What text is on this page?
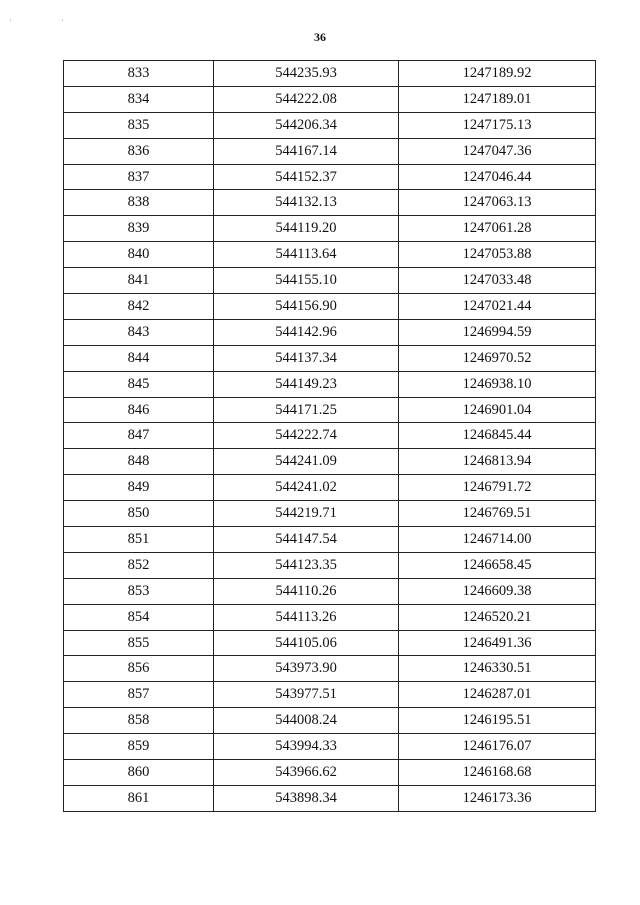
'	'
36
833	544235.93	1247189.92
834	544222.08	1247189.01
835	544206.34	1247175.13
836	544167.14	1247047.36
837	544152.37	1247046.44
838	544132.13	1247063.13
839	544119.20	1247061.28
840	544113.64	1247053.88
841	544155.10	1247033.48
842	544156.90	1247021.44
843	544142.96	1246994.59
844	544137.34	1246970.52
845	544149.23	1246938.10
846	544171.25	1246901.04
847	544222.74	1246845.44
848	544241.09	1246813.94
849	544241.02	1246791.72
850	544219.71	1246769.51
851	544147.54	1246714.00
852	544123.35	1246658.45
853	544110.26	1246609.38
854	544113.26	1246520.21
855	544105.06	1246491.36
856	543973.90	1246330.51
857	543977.51	1246287.01
858	544008.24	1246195.51
859	543994.33	1246176.07
860	543966.62	1246168.68
861	543898.34	1246173.36
